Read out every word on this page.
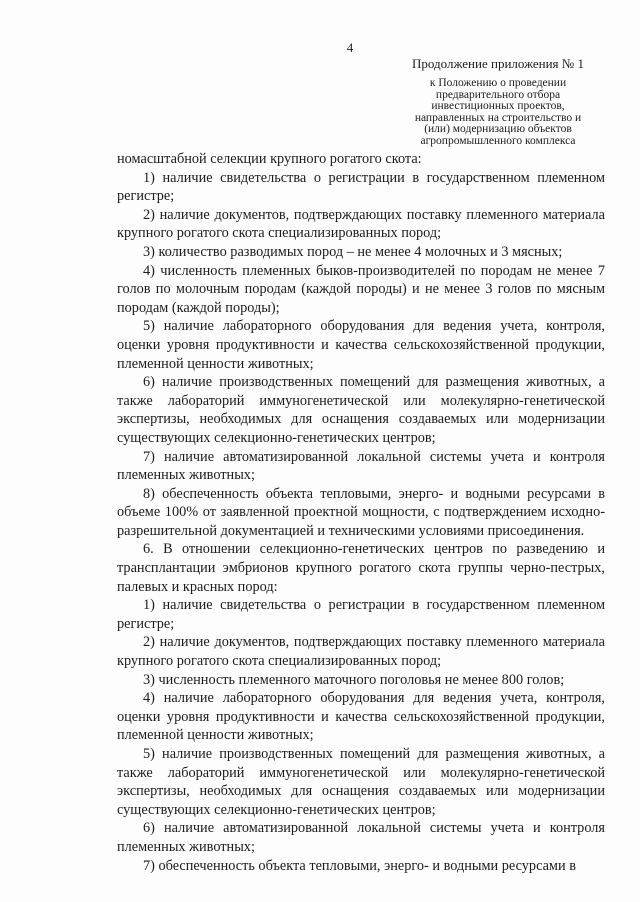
4
Продолжение приложения № 1
к Положению о проведении
предварительного отбора
инвестиционных проектов,
направленных на строительство и
(или) модернизацию объектов
агропромышленного комплекса

номасштабной селекции крупного рогатого скота:

1) наличие свидетельства о регистрации в государственном племенном регистре;

2) наличие документов, подтверждающих поставку племенного материала крупного рогатого скота специализированных пород;

3) количество разводимых пород – не менее 4 молочных и 3 мясных;

4) численность племенных быков-производителей по породам не менее 7 голов по молочным породам (каждой породы) и не менее 3 голов по мясным породам (каждой породы);

5) наличие лабораторного оборудования для ведения учета, контроля, оценки уровня продуктивности и качества сельскохозяйственной продукции, племенной ценности животных;

6) наличие производственных помещений для размещения животных, а также лабораторий иммуногенетической или молекулярно-генетической экспертизы, необходимых для оснащения создаваемых или модернизации существующих селекционно-генетических центров;

7) наличие автоматизированной локальной системы учета и контроля племенных животных;

8) обеспеченность объекта тепловыми, энерго- и водными ресурсами в объеме 100% от заявленной проектной мощности, с подтверждением исходно-разрешительной документацией и техническими условиями присоединения.

6. В отношении селекционно-генетических центров по разведению и трансплантации эмбрионов крупного рогатого скота группы черно-пестрых, палевых и красных пород:

1) наличие свидетельства о регистрации в государственном племенном регистре;

2) наличие документов, подтверждающих поставку племенного материала крупного рогатого скота специализированных пород;

3) численность племенного маточного поголовья не менее 800 голов;

4) наличие лабораторного оборудования для ведения учета, контроля, оценки уровня продуктивности и качества сельскохозяйственной продукции, племенной ценности животных;

5) наличие производственных помещений для размещения животных, а также лабораторий иммуногенетической или молекулярно-генетической экспертизы, необходимых для оснащения создаваемых или модернизации существующих селекционно-генетических центров;

6) наличие автоматизированной локальной системы учета и контроля племенных животных;

7) обеспеченность объекта тепловыми, энерго- и водными ресурсами в
